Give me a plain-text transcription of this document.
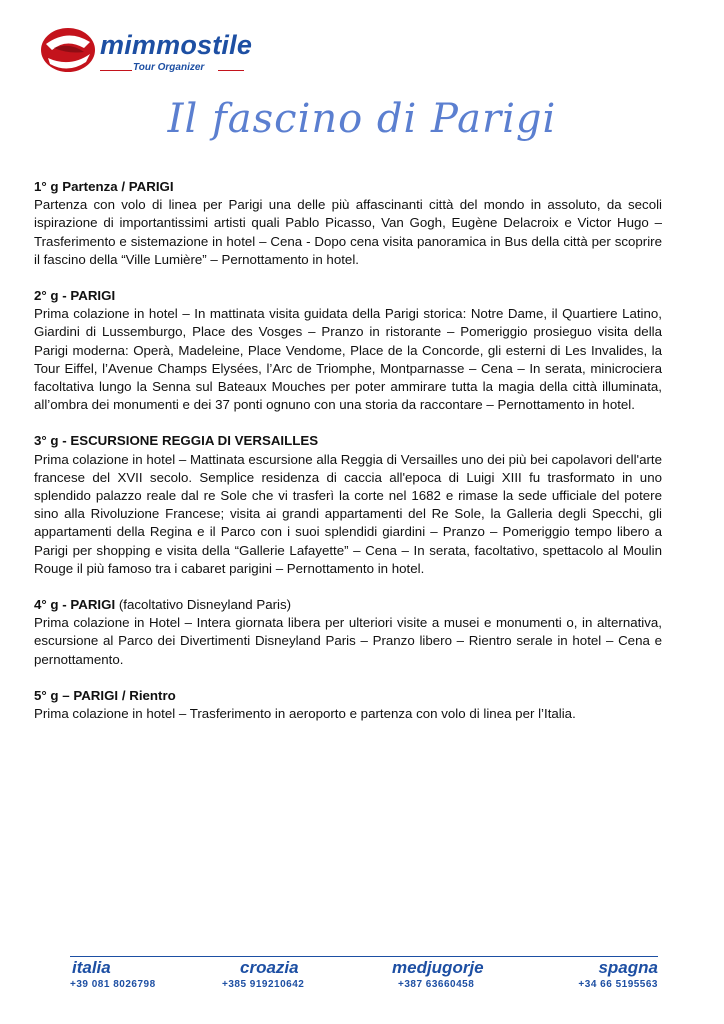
mimmostile
Tour Organizer
Il fascino di Parigi
1° g Partenza / PARIGI

Partenza con volo di linea per Parigi una delle più affascinanti città del mondo in assoluto, da secoli ispirazione di importantissimi artisti quali Pablo Picasso, Van Gogh, Eugène Delacroix e Victor Hugo – Trasferimento e sistemazione in hotel – Cena - Dopo cena visita panoramica in Bus della città per scoprire il fascino della “Ville Lumière” – Pernottamento in hotel.

2° g - PARIGI

Prima colazione in hotel – In mattinata visita guidata della Parigi storica: Notre Dame, il Quartiere Latino, Giardini di Lussemburgo, Place des Vosges – Pranzo in ristorante – Pomeriggio prosieguo visita della Parigi moderna: Operà, Madeleine, Place Vendome, Place de la Concorde, gli esterni di Les Invalides, la Tour Eiffel, l’Avenue Champs Elysées, l’Arc de Triomphe, Montparnasse – Cena – In serata, minicrociera facoltativa lungo la Senna sul Bateaux Mouches per poter ammirare tutta la magia della città illuminata, all’ombra dei monumenti e dei 37 ponti ognuno con una storia da raccontare – Pernottamento in hotel.

3° g - ESCURSIONE REGGIA DI VERSAILLES

Prima colazione in hotel – Mattinata escursione alla Reggia di Versailles uno dei più bei capolavori dell'arte francese del XVII secolo. Semplice residenza di caccia all'epoca di Luigi XIII fu trasformato in uno splendido palazzo reale dal re Sole che vi trasferì la corte nel 1682 e rimase la sede ufficiale del potere sino alla Rivoluzione Francese; visita ai grandi appartamenti del Re Sole, la Galleria degli Specchi, gli appartamenti della Regina e il Parco con i suoi splendidi giardini – Pranzo – Pomeriggio tempo libero a Parigi per shopping e visita della “Gallerie Lafayette” – Cena – In serata, facoltativo, spettacolo al Moulin Rouge il più famoso tra i cabaret parigini – Pernottamento in hotel.

4° g - PARIGI (facoltativo Disneyland Paris)

Prima colazione in Hotel – Intera giornata libera per ulteriori visite a musei e monumenti o, in alternativa, escursione al Parco dei Divertimenti Disneyland Paris – Pranzo libero – Rientro serale in hotel – Cena e pernottamento.

5° g – PARIGI / Rientro

Prima colazione in hotel – Trasferimento in aeroporto e partenza con volo di linea per l’Italia.

italia
+39 081 8026798
croazia
+385 919210642
medjugorje
+387 63660458
spagna
+34 66 5195563
